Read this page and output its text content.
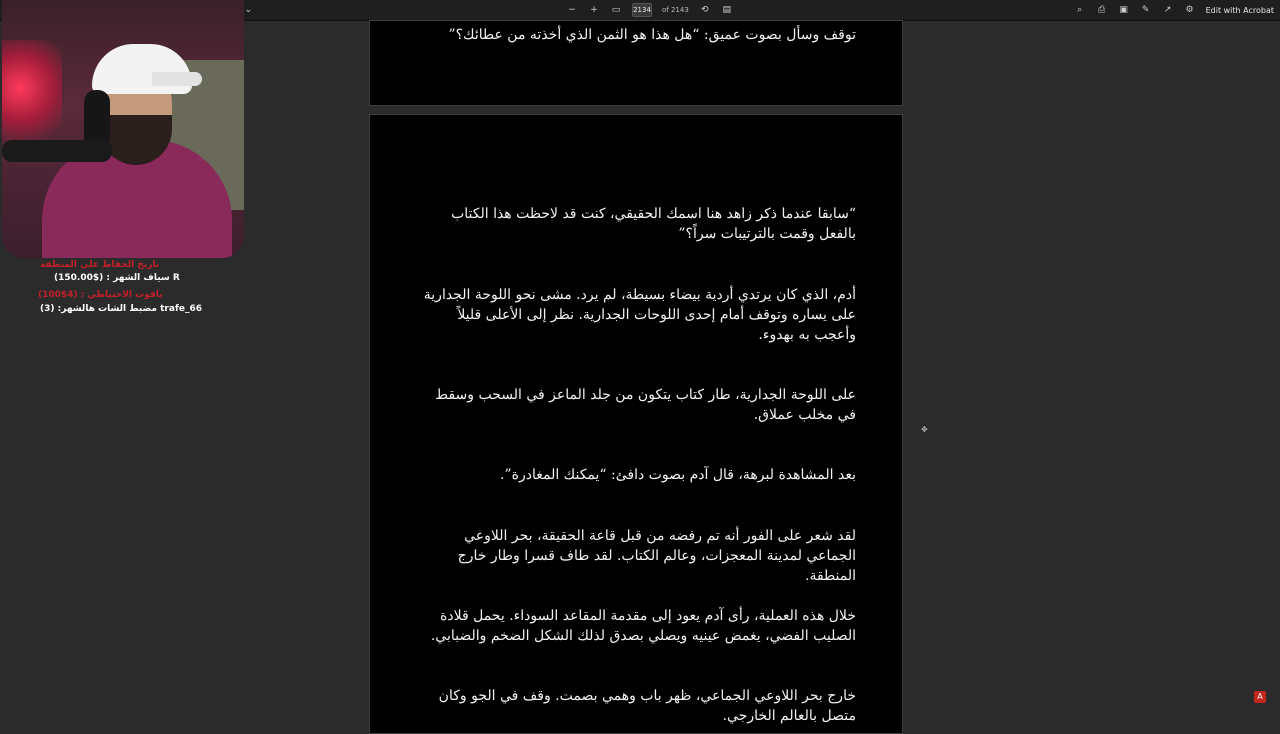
⌄	− + ▭ 2134 of 2143 ⟲ ▤	⌕	⎙ ▣ ✎ ↗ ⚙ Edit with Acrobat

توقف وسأل بصوت عميق: “هل هذا هو الثمن الذي أخذته من عطائك؟”

“سابقا عندما ذكر زاهد هنا اسمك الحقيقي، كنت قد لاحظت هذا الكتاب بالفعل وقمت بالترتيبات سراً؟”

أدم، الذي كان يرتدي أردية بيضاء بسيطة، لم يرد. مشى نحو اللوحة الجدارية على يساره وتوقف أمام إحدى اللوحات الجدارية. نظر إلى الأعلى قليلاً وأعجب به بهدوء.

على اللوحة الجدارية، طار كتاب يتكون من جلد الماعز في السحب وسقط في مخلب عملاق.

بعد المشاهدة لبرهة، قال آدم بصوت دافئ: “يمكنك المغادرة”.

لقد شعر على الفور أنه تم رفضه من قبل قاعة الحقيقة، بحر اللاوعي الجماعي لمدينة المعجزات، وعالم الكتاب. لقد طاف قسرا وطار خارج المنطقة.

خلال هذه العملية، رأى آدم يعود إلى مقدمة المقاعد السوداء. يحمل قلادة الصليب الفضي، يغمض عينيه ويصلي بصدق لذلك الشكل الضخم والضبابي.

خارج بحر اللاوعي الجماعي، ظهر باب وهمي بصمت. وقف في الجو وكان متصل بالعالم الخارجي.

تاريخ الحفاظ على المنطقة
سياف الشهر : ($150.00) R
ياقوت الاحتياطي : (4$100)
مضبط الشات هالشهر: (3) trafe_66
✥
A
